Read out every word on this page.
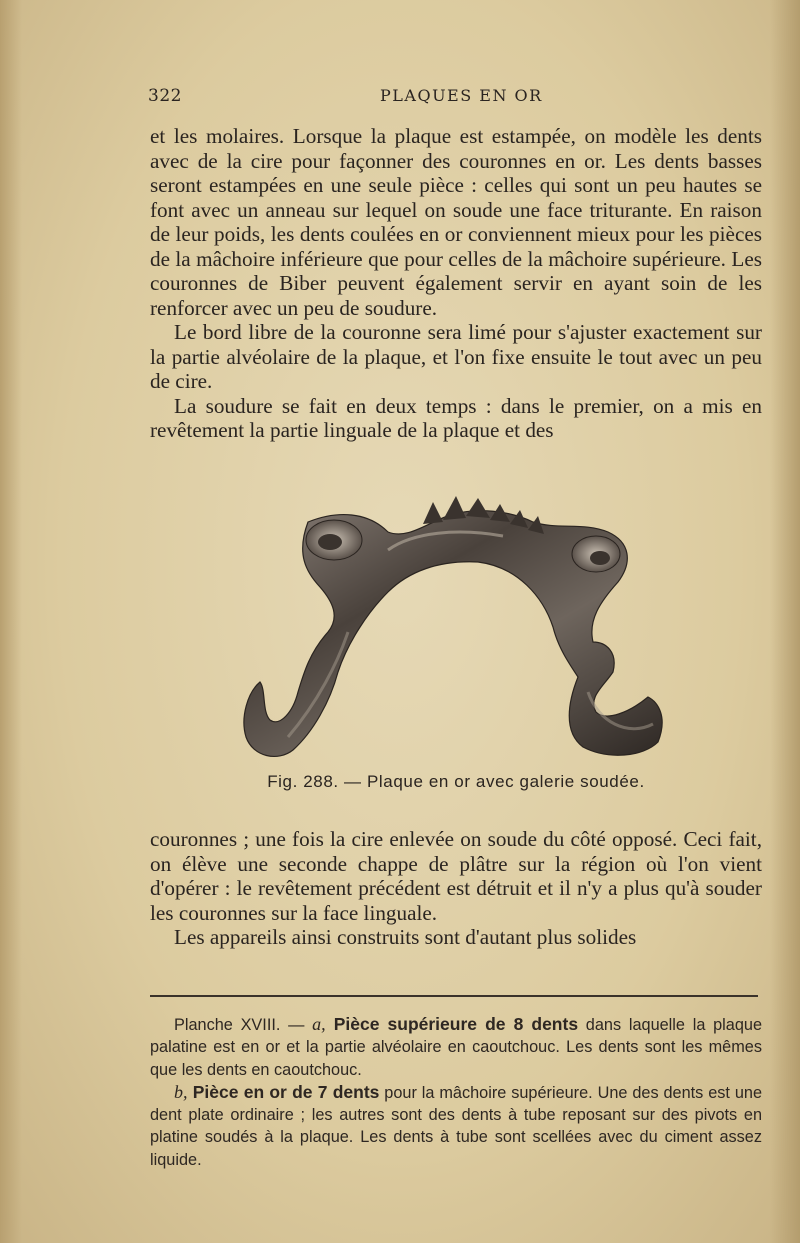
322	PLAQUES EN OR

et les molaires. Lorsque la plaque est estampée, on modèle les dents avec de la cire pour façonner des couronnes en or. Les dents basses seront estampées en une seule pièce : celles qui sont un peu hautes se font avec un anneau sur lequel on soude une face triturante. En raison de leur poids, les dents coulées en or conviennent mieux pour les pièces de la mâchoire inférieure que pour celles de la mâchoire supérieure. Les couronnes de Biber peuvent également servir en ayant soin de les renforcer avec un peu de soudure.

Le bord libre de la couronne sera limé pour s'ajuster exactement sur la partie alvéolaire de la plaque, et l'on fixe ensuite le tout avec un peu de cire.

La soudure se fait en deux temps : dans le premier, on a mis en revêtement la partie linguale de la plaque et des

Fig. 288. — Plaque en or avec galerie soudée.

couronnes ; une fois la cire enlevée on soude du côté opposé. Ceci fait, on élève une seconde chappe de plâtre sur la région où l'on vient d'opérer : le revêtement précédent est détruit et il n'y a plus qu'à souder les couronnes sur la face linguale.

Les appareils ainsi construits sont d'autant plus solides

Planche XVIII. — a, Pièce supérieure de 8 dents dans laquelle la plaque palatine est en or et la partie alvéolaire en caoutchouc. Les dents sont les mêmes que les dents en caoutchouc.

b, Pièce en or de 7 dents pour la mâchoire supérieure. Une des dents est une dent plate ordinaire ; les autres sont des dents à tube reposant sur des pivots en platine soudés à la plaque. Les dents à tube sont scellées avec du ciment assez liquide.
